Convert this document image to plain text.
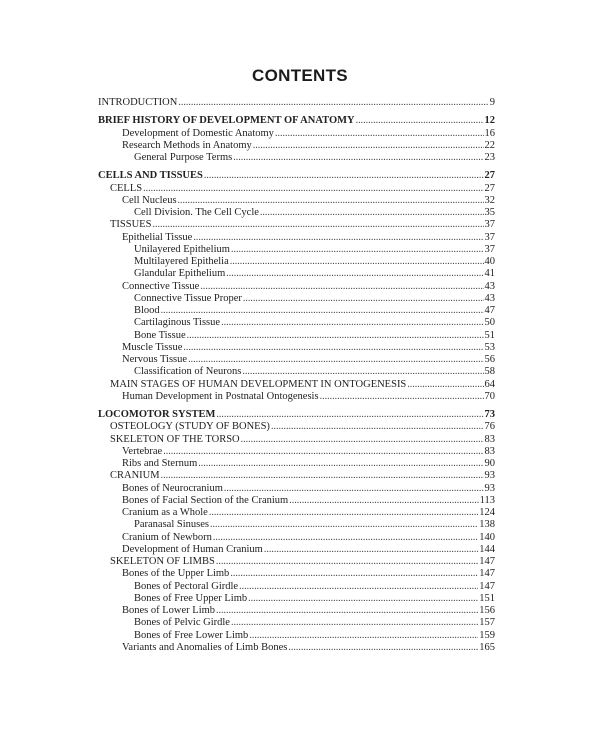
CONTENTS
INTRODUCTION .....	9
BRIEF HISTORY OF DEVELOPMENT OF ANATOMY .....	12
Development of Domestic Anatomy .....	16
Research Methods in Anatomy .....	22
General Purpose Terms .....	23
CELLS AND TISSUES .....	27
CELLS .....	27
Cell Nucleus .....	32
Cell Division. The Cell Cycle .....	35
TISSUES .....	37
Epithelial Tissue .....	37
Unilayered Epithelium .....	37
Multilayered Epithelia .....	40
Glandular Epithelium .....	41
Connective Tissue .....	43
Connective Tissue Proper .....	43
Blood .....	47
Cartilaginous Tissue .....	50
Bone Tissue .....	51
Muscle Tissue .....	53
Nervous Tissue .....	56
Classification of Neurons .....	58
MAIN STAGES OF HUMAN DEVELOPMENT IN ONTOGENESIS .....	64
Human Development in Postnatal Ontogenesis .....	70
LOCOMOTOR SYSTEM .....	73
OSTEOLOGY (STUDY OF BONES) .....	76
SKELETON OF THE TORSO .....	83
Vertebrae .....	83
Ribs and Sternum .....	90
CRANIUM .....	93
Bones of Neurocranium .....	93
Bones of Facial Section of the Cranium .....	113
Cranium as a Whole .....	124
Paranasal Sinuses .....	138
Cranium of Newborn .....	140
Development of Human Cranium .....	144
SKELETON OF LIMBS .....	147
Bones of the Upper Limb .....	147
Bones of Pectoral Girdle .....	147
Bones of Free Upper Limb .....	151
Bones of Lower Limb .....	156
Bones of Pelvic Girdle .....	157
Bones of Free Lower Limb .....	159
Variants and Anomalies of Limb Bones .....	165
